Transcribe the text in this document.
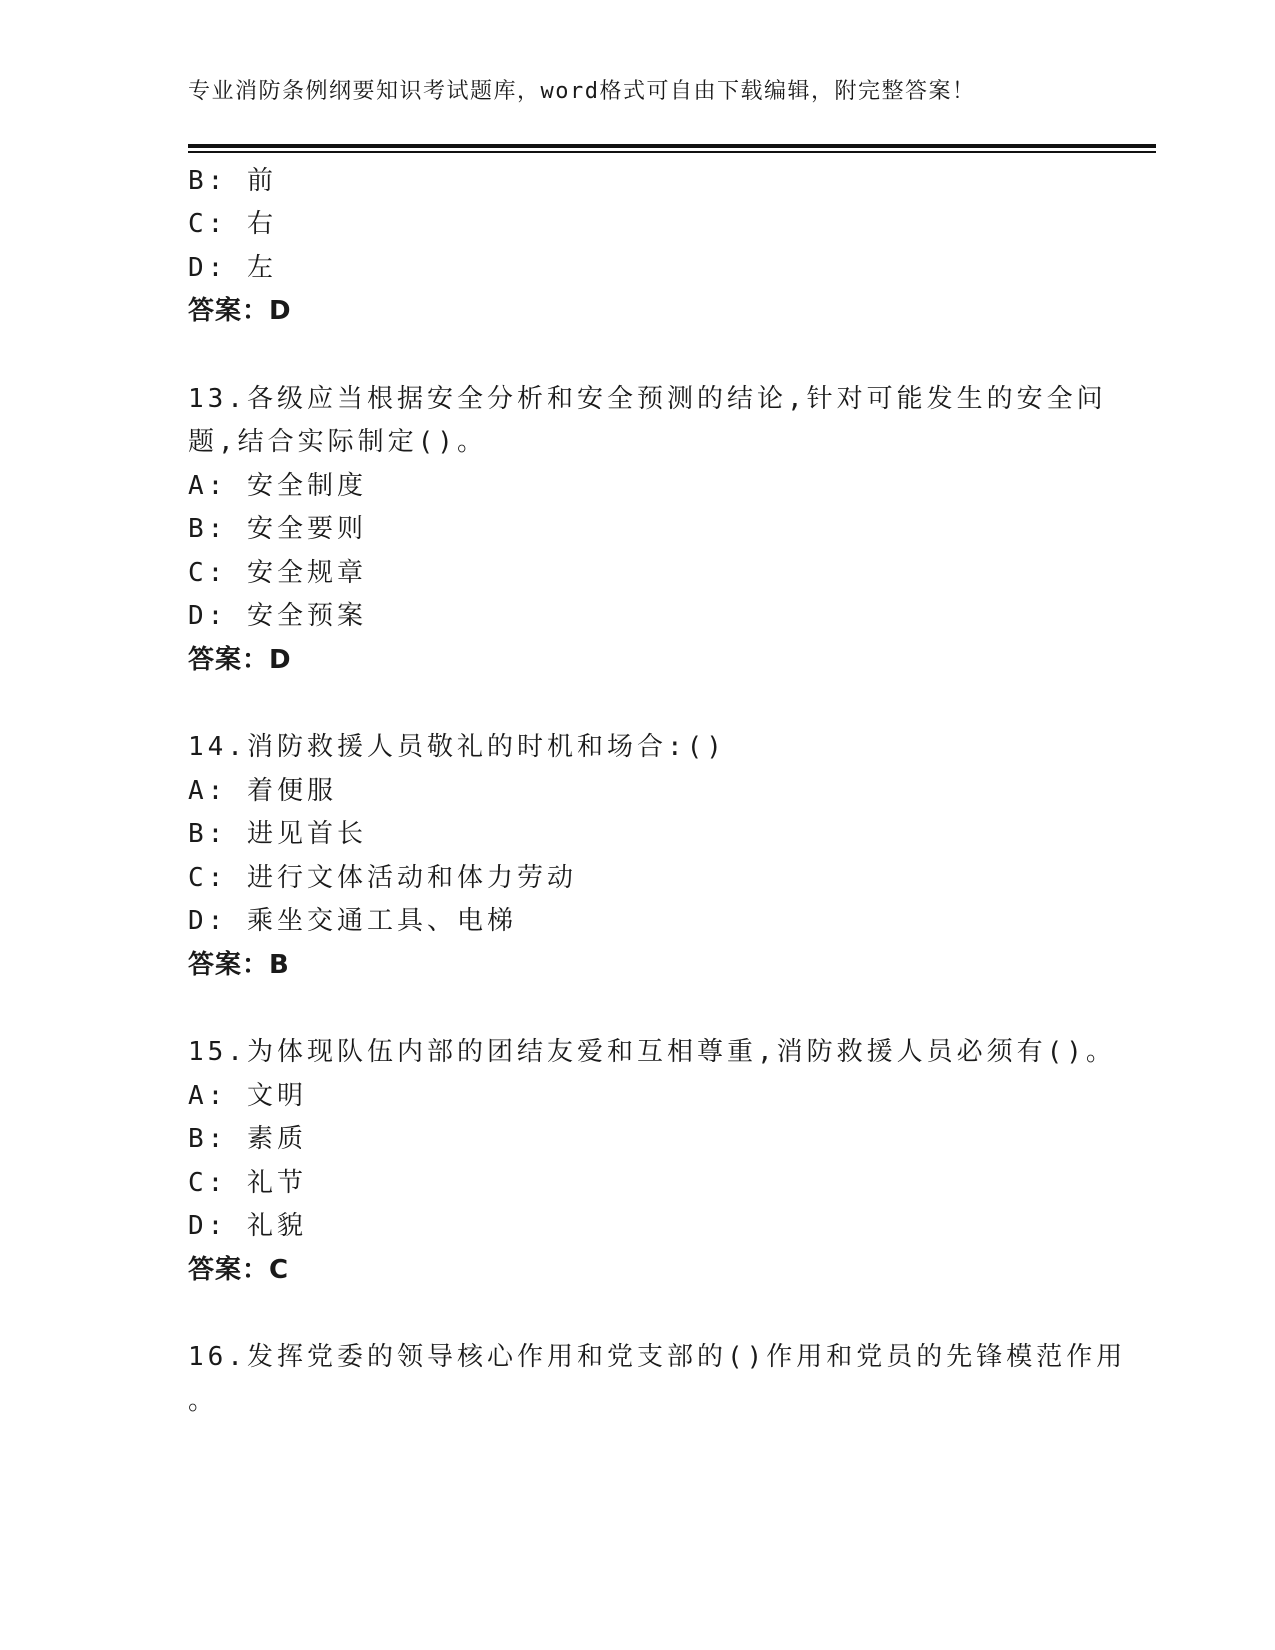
专业消防条例纲要知识考试题库，word格式可自由下载编辑，附完整答案！
B: 前
C: 右
D: 左
答案：D
13.各级应当根据安全分析和安全预测的结论,针对可能发生的安全问
题,结合实际制定()。
A: 安全制度
B: 安全要则
C: 安全规章
D: 安全预案
答案：D
14.消防救援人员敬礼的时机和场合:()
A: 着便服
B: 进见首长
C: 进行文体活动和体力劳动
D: 乘坐交通工具、电梯
答案：B
15.为体现队伍内部的团结友爱和互相尊重,消防救援人员必须有()。
A: 文明
B: 素质
C: 礼节
D: 礼貌
答案：C
16.发挥党委的领导核心作用和党支部的()作用和党员的先锋模范作用
。
